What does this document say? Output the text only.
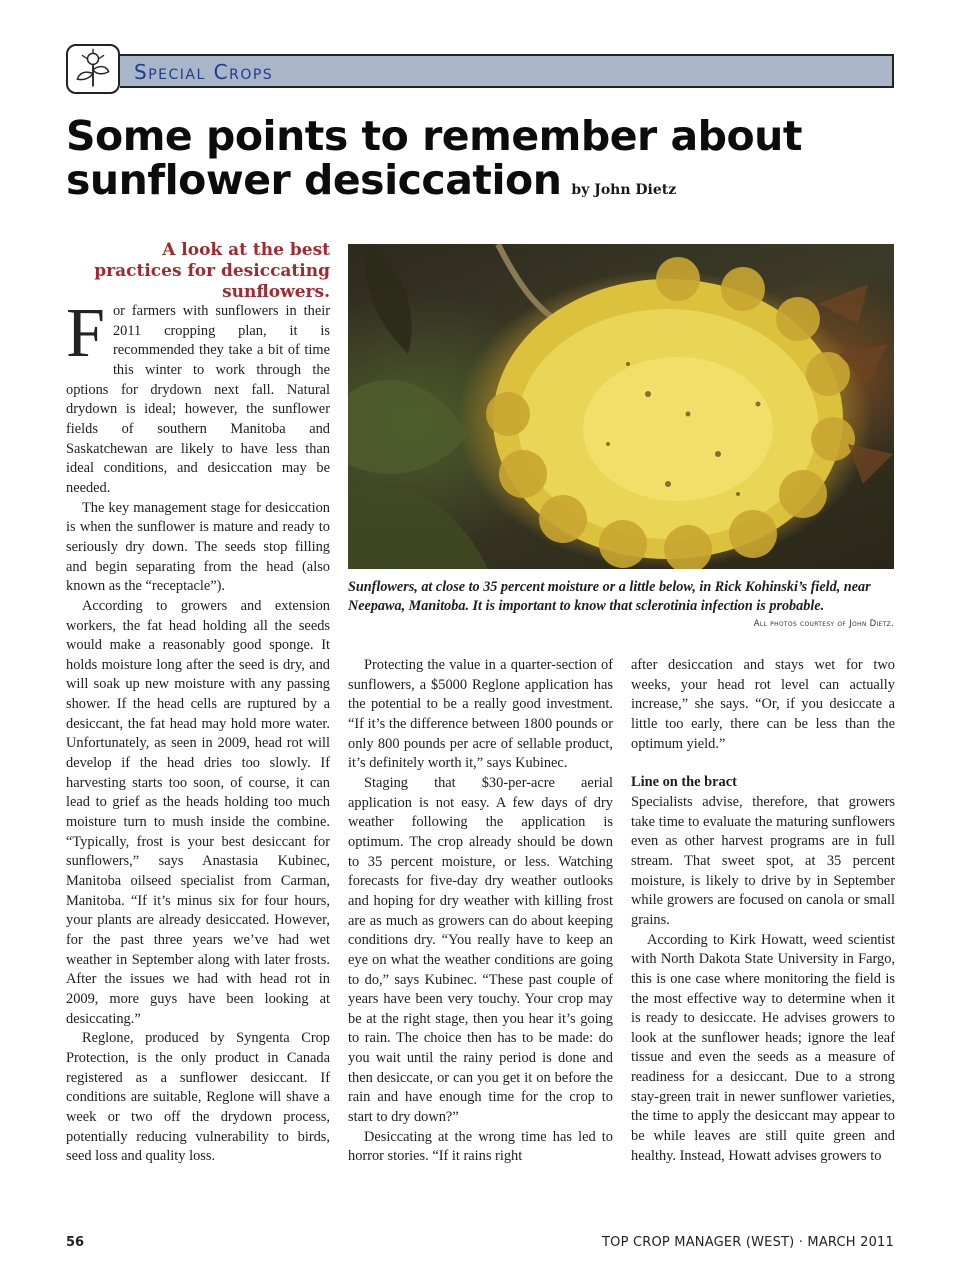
Special Crops
Some points to remember about sunflower desiccation by John Dietz
A look at the best practices for desiccating sunflowers.

For farmers with sunflowers in their 2011 cropping plan, it is recommended they take a bit of time this winter to work through the options for drydown next fall. Natural drydown is ideal; however, the sunflower fields of southern Manitoba and Saskatchewan are likely to have less than ideal conditions, and desiccation may be needed.

The key management stage for desiccation is when the sunflower is mature and ready to seriously dry down. The seeds stop filling and begin separating from the head (also known as the “receptacle”).

According to growers and extension workers, the fat head holding all the seeds would make a reasonably good sponge. It holds moisture long after the seed is dry, and will soak up new moisture with any passing shower. If the head cells are ruptured by a desiccant, the fat head may hold more water. Unfortunately, as seen in 2009, head rot will develop if the head dries too slowly. If harvesting starts too soon, of course, it can lead to grief as the heads holding too much moisture turn to mush inside the combine. “Typically, frost is your best desiccant for sunflowers,” says Anastasia Kubinec, Manitoba oilseed specialist from Carman, Manitoba. “If it’s minus six for four hours, your plants are already desiccated. However, for the past three years we’ve had wet weather in September along with later frosts. After the issues we had with head rot in 2009, more guys have been looking at desiccating.”

Reglone, produced by Syngenta Crop Protection, is the only product in Canada registered as a sunflower desiccant. If conditions are suitable, Reglone will shave a week or two off the drydown process, potentially reducing vulnerability to birds, seed loss and quality loss.

Sunflowers, at close to 35 percent moisture or a little below, in Rick Kohinski’s field, near Neepawa, Manitoba. It is important to know that sclerotinia infection is probable.
All photos courtesy of John Dietz.

Protecting the value in a quarter-section of sunflowers, a $5000 Reglone application has the potential to be a really good investment. “If it’s the difference between 1800 pounds or only 800 pounds per acre of sellable product, it’s definitely worth it,” says Kubinec.

Staging that $30-per-acre aerial application is not easy. A few days of dry weather following the application is optimum. The crop already should be down to 35 percent moisture, or less. Watching forecasts for five-day dry weather outlooks and hoping for dry weather with killing frost are as much as growers can do about keeping conditions dry. “You really have to keep an eye on what the weather conditions are going to do,” says Kubinec. “These past couple of years have been very touchy. Your crop may be at the right stage, then you hear it’s going to rain. The choice then has to be made: do you wait until the rainy period is done and then desiccate, or can you get it on before the rain and have enough time for the crop to start to dry down?”

Desiccating at the wrong time has led to horror stories. “If it rains right

after desiccation and stays wet for two weeks, your head rot level can actually increase,” she says. “Or, if you desiccate a little too early, there can be less than the optimum yield.”

Line on the bract

Specialists advise, therefore, that growers take time to evaluate the maturing sunflowers even as other harvest programs are in full stream. That sweet spot, at 35 percent moisture, is likely to drive by in September while growers are focused on canola or small grains.

According to Kirk Howatt, weed scientist with North Dakota State University in Fargo, this is one case where monitoring the field is the most effective way to determine when it is ready to desiccate. He advises growers to look at the sunflower heads; ignore the leaf tissue and even the seeds as a measure of readiness for a desiccant. Due to a strong stay-green trait in newer sunflower varieties, the time to apply the desiccant may appear to be while leaves are still quite green and healthy. Instead, Howatt advises growers to

56	TOP CROP MANAGER (WEST) · MARCH 2011
